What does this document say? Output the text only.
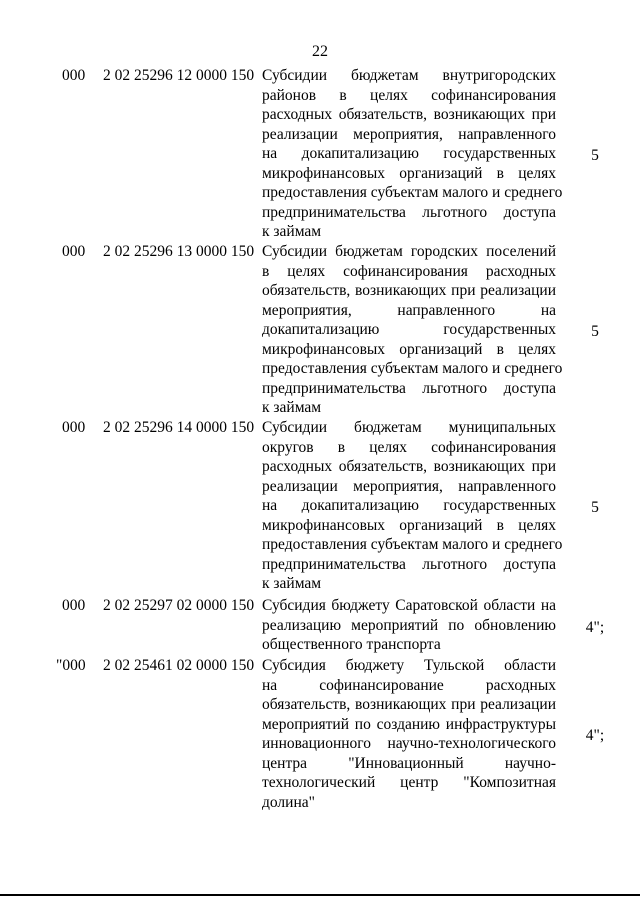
22
000 2 02 25296 12 0000 150 Субсидии бюджетам внутригородских
районов в целях софинансирования
расходных обязательств, возникающих при
реализации мероприятия, направленного
на докапитализацию государственных
микрофинансовых организаций в целях
предоставления субъектам малого и среднего
предпринимательства льготного доступа
к займам
5
000 2 02 25296 13 0000 150 Субсидии бюджетам городских поселений
в целях софинансирования расходных
обязательств, возникающих при реализации
мероприятия, направленного на
докапитализацию государственных
микрофинансовых организаций в целях
предоставления субъектам малого и среднего
предпринимательства льготного доступа
к займам
5
000 2 02 25296 14 0000 150 Субсидии бюджетам муниципальных
округов в целях софинансирования
расходных обязательств, возникающих при
реализации мероприятия, направленного
на докапитализацию государственных
микрофинансовых организаций в целях
предоставления субъектам малого и среднего
предпринимательства льготного доступа
к займам
5
000 2 02 25297 02 0000 150 Субсидия бюджету Саратовской области на
реализацию мероприятий по обновлению
общественного транспорта
4";
"000 2 02 25461 02 0000 150 Субсидия бюджету Тульской области
на софинансирование расходных
обязательств, возникающих при реализации
мероприятий по созданию инфраструктуры
инновационного научно-технологического
центра "Инновационный научно-
технологический центр "Композитная
долина"
4";
